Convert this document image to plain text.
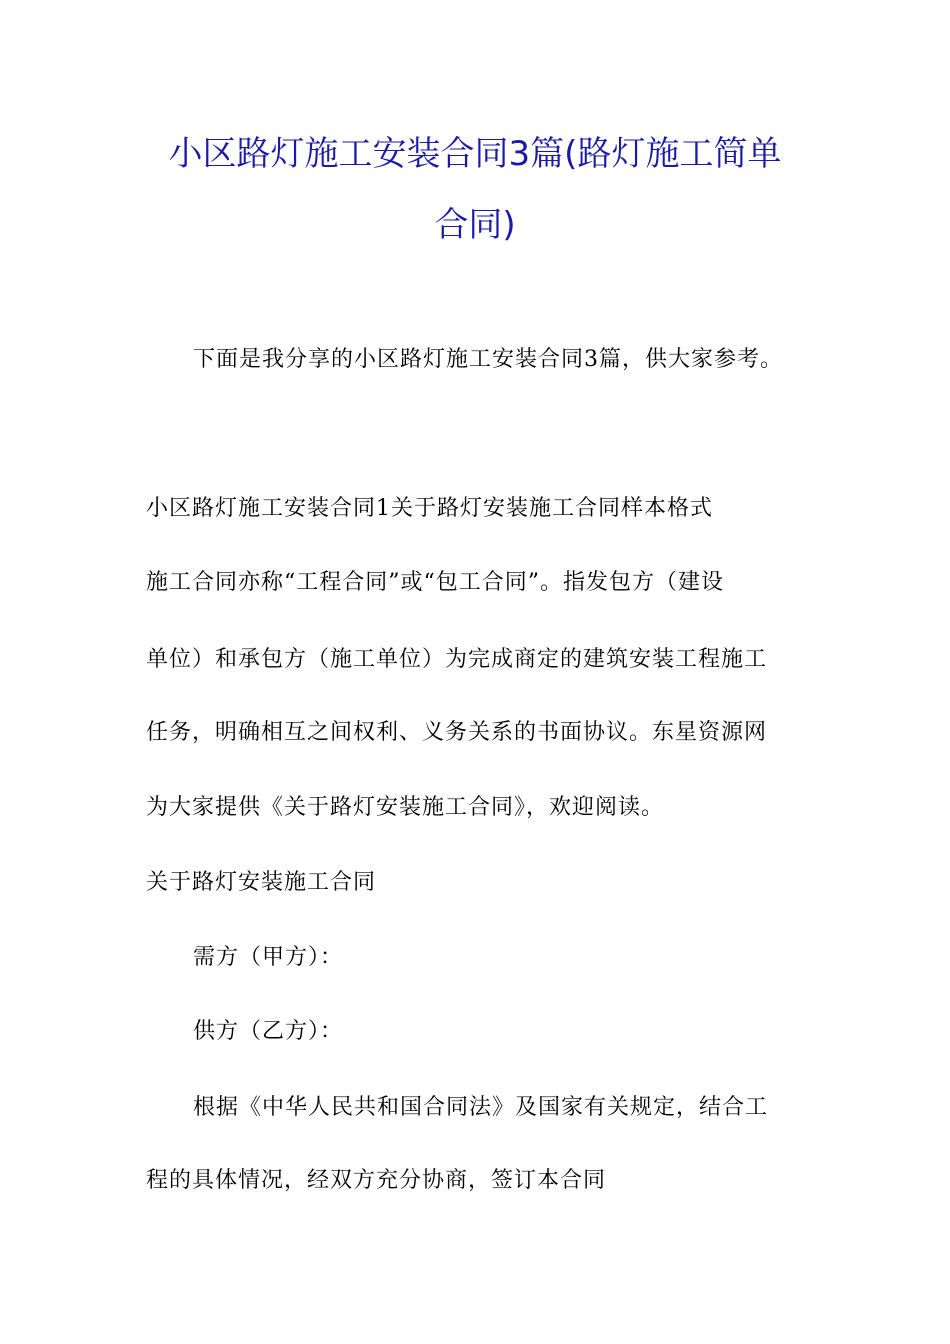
小区路灯施工安装合同3篇(路灯施工简单
合同)
下面是我分享的小区路灯施工安装合同3篇，供大家参考。
小区路灯施工安装合同1关于路灯安装施工合同样本格式
施工合同亦称“工程合同”或“包工合同”。指发包方（建设
单位）和承包方（施工单位）为完成商定的建筑安装工程施工
任务，明确相互之间权利、义务关系的书面协议。东星资源网
为大家提供《关于路灯安装施工合同》，欢迎阅读。
关于路灯安装施工合同
需方（甲方）：
供方（乙方）：
根据《中华人民共和国合同法》及国家有关规定，结合工
程的具体情况，经双方充分协商，签订本合同
